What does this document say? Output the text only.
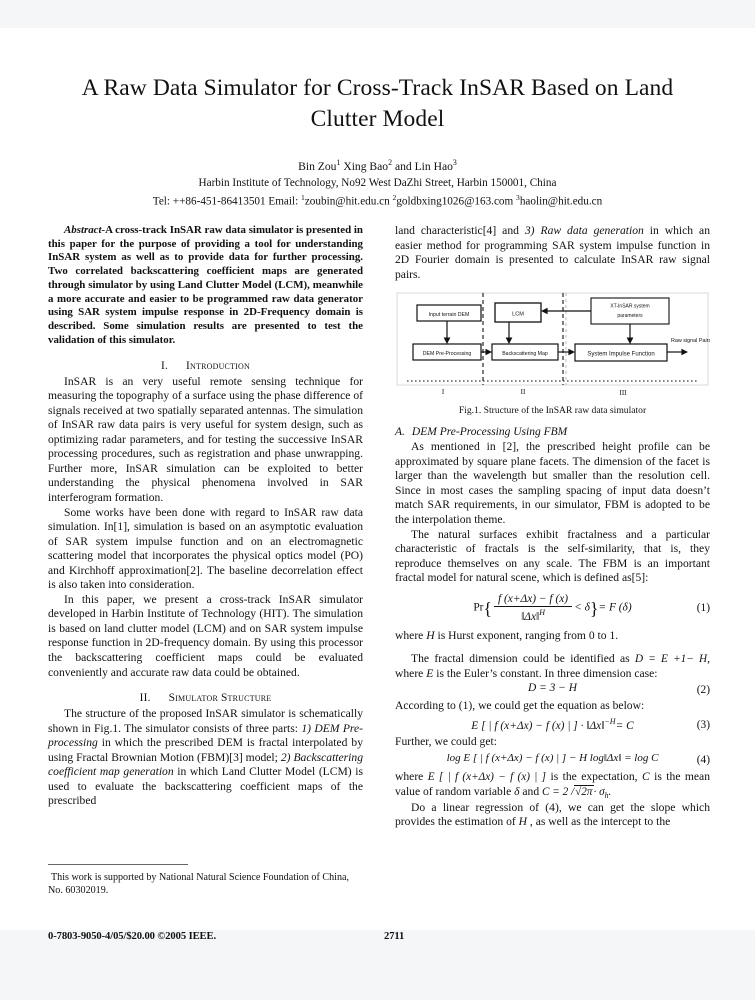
A Raw Data Simulator for Cross-Track InSAR Based on Land Clutter Model
Bin Zou$^1$ Xing Bao$^2$ and Lin Hao$^3$
Harbin Institute of Technology, No92 West DaZhi Street, Harbin 150001, China
Tel: ++86-451-86413501 Email: $^1$zoubin@hit.edu.cn $^2$goldbxing1026@163.com $^3$haolin@hit.edu.cn

Abstract-A cross-track InSAR raw data simulator is presented in this paper for the purpose of providing a tool for understanding InSAR system as well as to provide data for further processing. Two correlated backscattering coefficient maps are generated through simulator by using Land Clutter Model (LCM), meanwhile a more accurate and easier to be programmed raw data generator using SAR system impulse response in 2D-Frequency domain is described. Some simulation results are presented to test the validation of this simulator.

I. Introduction

InSAR is an very useful remote sensing technique for measuring the topography of a surface using the phase difference of signals received at two spatially separated antennas. The simulation of InSAR raw data pairs is very useful for system design, such as optimizing radar parameters, and for testing the successive InSAR processing procedures, such as registration and phase unwrapping. Further more, InSAR simulation can be exploited to better understanding the physical phenomena involved in SAR interferogram formation.

Some works have been done with regard to InSAR raw data simulation. In[1], simulation is based on an asymptotic evaluation of SAR system impulse function and on an electromagnetic scattering model that incorporates the physical optics model (PO) and Kirchhoff approximation[2]. The baseline decorrelation effect is also taken into consideration.

In this paper, we present a cross-track InSAR simulator developed in Harbin Institute of Technology (HIT). The simulation is based on land clutter model (LCM) and on SAR system impulse response function in 2D-frequency domain. By using this processor the backscattering coefficient maps could be evaluated conveniently and accurate raw data could be obtained.

II. Simulator Structure

The structure of the proposed InSAR simulator is schematically shown in Fig.1. The simulator consists of three parts: 1) DEM Pre-processing in which the prescribed DEM is fractal interpolated by using Fractal Brownian Motion (FBM)[3] model; 2) Backscattering coefficient map generation in which Land Clutter Model (LCM) is used to evaluate the backscattering coefficient maps of the prescribed

land characteristic[4] and 3) Raw data generation in which an easier method for programming SAR system impulse function in 2D Fourier domain is presented to calculate InSAR raw signal pairs.

Input terrain DEM
DEM Pre-Processing
LCM
Backscattering Map
XT-InSAR system
parameters
System Impulse Function
Raw signal Pairs
I	II	III

Fig.1. Structure of the InSAR raw data simulator

A. DEM Pre-Processing Using FBM

As mentioned in [2], the prescribed height profile can be approximated by square plane facets. The dimension of the facet is larger than the wavelength but smaller than the resolution cell. Since in most cases the sampling spacing of input data doesn’t match SAR requirements, in our simulator, FBM is adopted to be the interpolation theme.

The natural surfaces exhibit fractalness and a particular characteristic of fractals is the self-similarity, that is, they reproduce themselves on any scale. The FBM is an important fractal model for natural scene, which is defined as[5]:

$Pr\{ \frac{f (x+\Delta x) - f (x)}{‖\Delta x‖^H} < \delta\}= F$ (δ)	(1)

where H is Hurst exponent, ranging from 0 to 1.

The fractal dimension could be identified as D = E +1− H, where E is the Euler’s constant. In three dimension case:

D = 3 − H	(2)

According to (1), we could get the equation as below:

E [ | f (x+Δx) − f (x) | ] · ‖Δx‖$^{-H}$= C	(3)

Further, we could get:

log E [ | f (x+Δx) − f (x) | ] − H log‖Δx‖ = log C	(4)

where E [ | f (x+Δx) − f (x) | ] is the expectation, C is the mean value of random variable δ and C = 2 $/√2\pi\cdot \sigma_h$.

Do a linear regression of (4), we can get the slope which provides the estimation of H , as well as the intercept to the

This work is supported by National Natural Science Foundation of China, No. 60302019.
0-7803-9050-4/05/$20.00 ©2005 IEEE.	2711
